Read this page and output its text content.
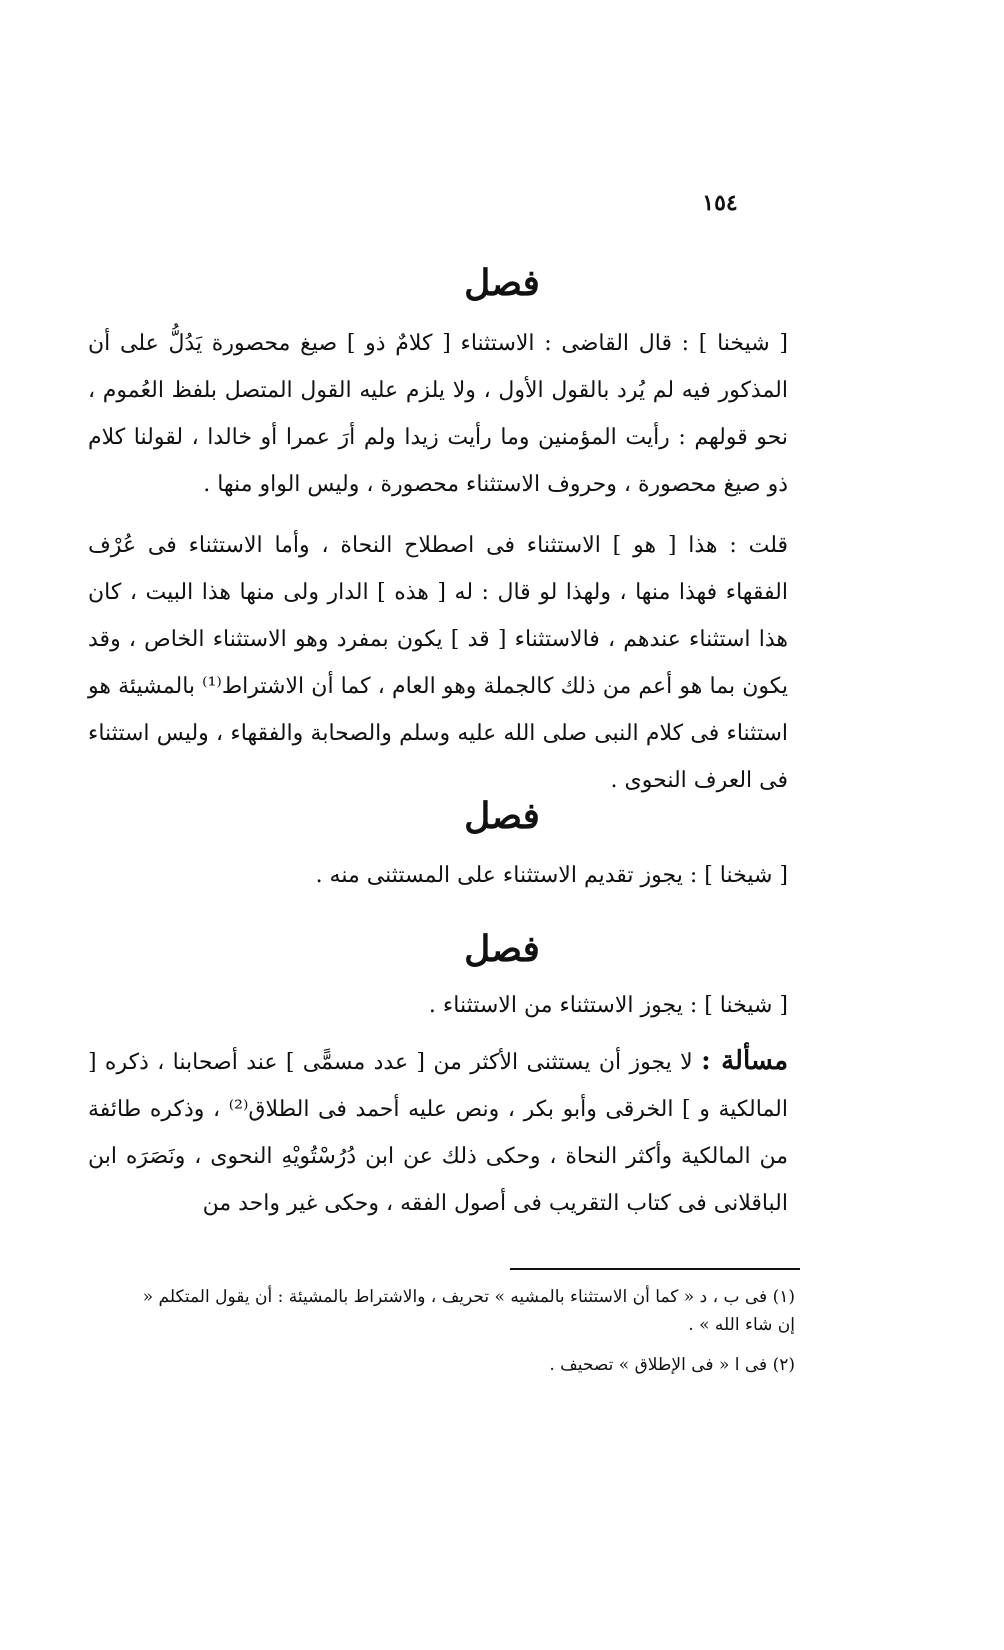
١٥٤
فصل
[ شيخنا ] : قال القاضى : الاستثناء [ كلامٌ ذو ] صيغ محصورة يَدُلُّ على أن المذكور فيه لم يُرد بالقول الأول ، ولا يلزم عليه القول المتصل بلفظ العُموم ، نحو قولهم : رأيت المؤمنين وما رأيت زيدا ولم أرَ عمرا أو خالدا ، لقولنا كلام ذو صيغ محصورة ، وحروف الاستثناء محصورة ، وليس الواو منها .
قلت : هذا [ هو ] الاستثناء فى اصطلاح النحاة ، وأما الاستثناء فى عُرْف الفقهاء فهذا منها ، ولهذا لو قال : له [ هذه ] الدار ولى منها هذا البيت ، كان هذا استثناء عندهم ، فالاستثناء [ قد ] يكون بمفرد وهو الاستثناء الخاص ، وقد يكون بما هو أعم من ذلك كالجملة وهو العام ، كما أن الاشتراط⁽¹⁾ بالمشيئة هو استثناء فى كلام النبى صلى الله عليه وسلم والصحابة والفقهاء ، وليس استثناء فى العرف النحوى .
فصل
[ شيخنا ] : يجوز تقديم الاستثناء على المستثنى منه .
فصل
[ شيخنا ] : يجوز الاستثناء من الاستثناء .
مسألة : لا يجوز أن يستثنى الأكثر من [ عدد مسمًّى ] عند أصحابنا ، ذكره [ المالكية و ] الخرقى وأبو بكر ، ونص عليه أحمد فى الطلاق⁽²⁾ ، وذكره طائفة من المالكية وأكثر النحاة ، وحكى ذلك عن ابن دُرُسْتُويْهِ النحوى ، ونَصَرَه ابن الباقلانى فى كتاب التقريب فى أصول الفقه ، وحكى غير واحد من

(١) فى ب ، د « كما أن الاستثناء بالمشيه » تحريف ، والاشتراط بالمشيئة : أن يقول المتكلم « إن شاء الله » .

(٢) فى ا « فى الإطلاق » تصحيف .
